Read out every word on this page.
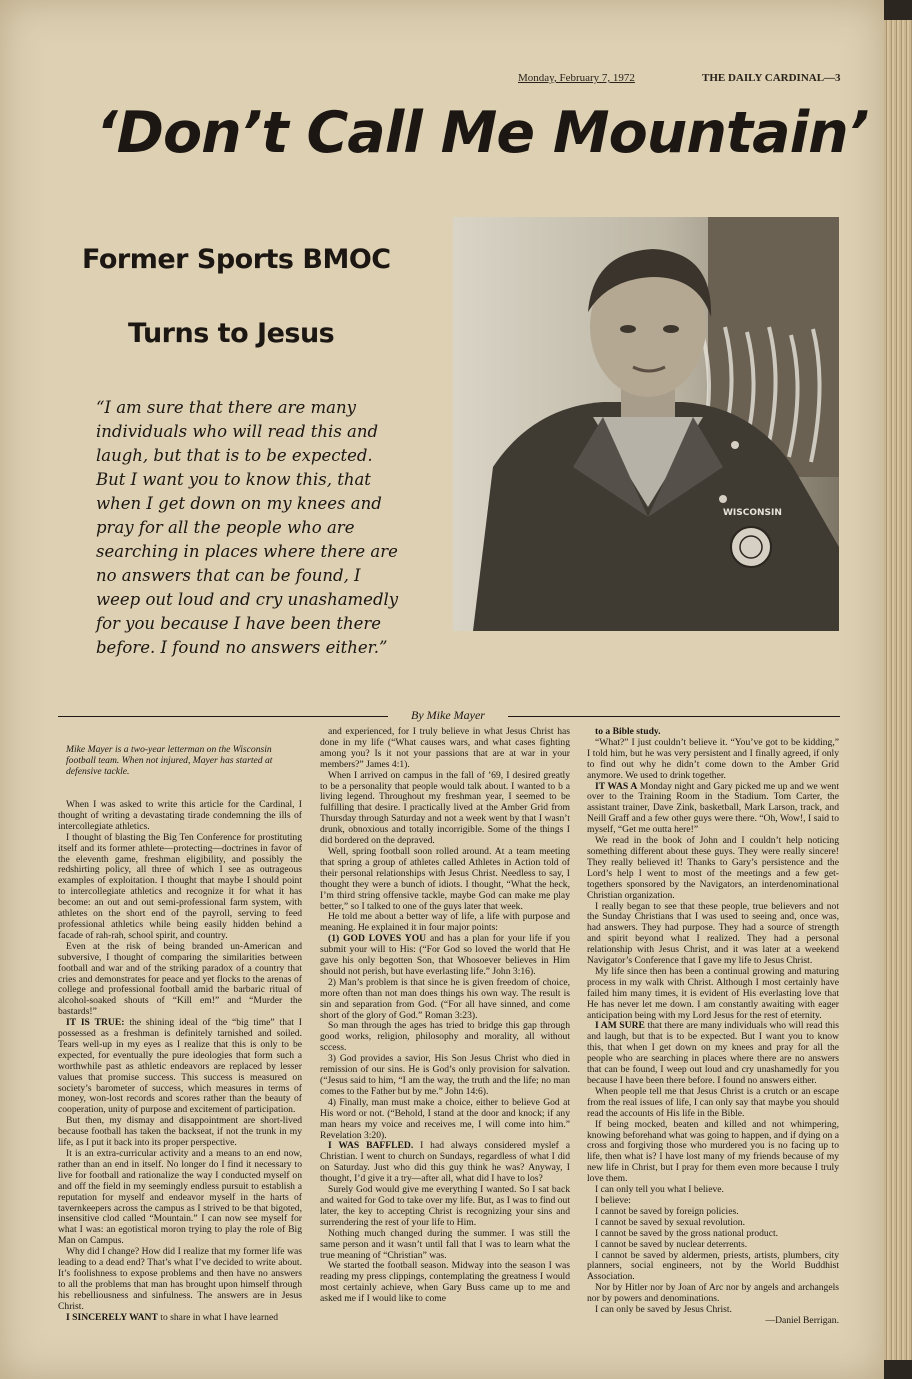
Monday, February 7, 1972	THE DAILY CARDINAL—3
‘Don’t Call Me Mountain’
Former Sports BMOC
Turns to Jesus

“I am sure that there are many individuals who will read this and laugh, but that is to be expected. But I want you to know this, that when I get down on my knees and pray for all the people who are searching in places where there are no answers that can be found, I weep out loud and cry unashamedly for you because I have been there before. I found no answers either.”

WISCONSIN
By Mike Mayer

Mike Mayer is a two-year letterman on the Wisconsin football team. When not injured, Mayer has started at defensive tackle.

When I was asked to write this article for the Cardinal, I thought of writing a devastating tirade condemning the ills of intercollegiate athletics.

I thought of blasting the Big Ten Conference for prostituting itself and its former athlete—protecting—doctrines in favor of the eleventh game, freshman eligibility, and possibly the redshirting policy, all three of which I see as outrageous examples of exploitation. I thought that maybe I should point to intercollegiate athletics and recognize it for what it has become: an out and out semi-professional farm system, with athletes on the short end of the payroll, serving to feed professional athletics while being easily hidden behind a facade of rah-rah, school spirit, and country.

Even at the risk of being branded un-American and subversive, I thought of comparing the similarities between football and war and of the striking paradox of a country that cries and demonstrates for peace and yet flocks to the arenas of college and professional football amid the barbaric ritual of alcohol-soaked shouts of “Kill em!” and “Murder the bastards!”

IT IS TRUE: the shining ideal of the “big time” that I possessed as a freshman is definitely tarnished and soiled. Tears well-up in my eyes as I realize that this is only to be expected, for eventually the pure ideologies that form such a worthwhile past as athletic endeavors are replaced by lesser values that promise success. This success is measured on society’s barometer of success, which measures in terms of money, won-lost records and scores rather than the beauty of cooperation, unity of purpose and excitement of participation.

But then, my dismay and disappointment are short-lived because football has taken the backseat, if not the trunk in my life, as I put it back into its proper perspective.

It is an extra-curricular activity and a means to an end now, rather than an end in itself. No longer do I find it necessary to live for football and rationalize the way I conducted myself on and off the field in my seemingly endless pursuit to establish a reputation for myself and endeavor myself in the harts of tavernkeepers across the campus as I strived to be that bigoted, insensitive clod called “Mountain.” I can now see myself for what I was: an egotistical moron trying to play the role of Big Man on Campus.

Why did I change? How did I realize that my former life was leading to a dead end? That’s what I’ve decided to write about. It’s foolishness to expose problems and then have no answers to all the problems that man has brought upon himself through his rebelliousness and sinfulness. The answers are in Jesus Christ.

I SINCERELY WANT to share in what I have learned

and experienced, for I truly believe in what Jesus Christ has done in my life (“What causes wars, and what cases fighting among you? Is it not your passions that are at war in your members?” James 4:1).

When I arrived on campus in the fall of ’69, I desired greatly to be a personality that people would talk about. I wanted to b a living legend. Throughout my freshman year, I seemed to be fulfilling that desire. I practically lived at the Amber Grid from Thursday through Saturday and not a week went by that I wasn’t drunk, obnoxious and totally incorrigible. Some of the things I did bordered on the depraved.

Well, spring football soon rolled around. At a team meeting that spring a group of athletes called Athletes in Action told of their personal relationships with Jesus Christ. Needless to say, I thought they were a bunch of idiots. I thought, “What the heck, I’m third string offensive tackle, maybe God can make me play better,” so I talked to one of the guys later that week.

He told me about a better way of life, a life with purpose and meaning. He explained it in four major points:

(1) GOD LOVES YOU and has a plan for your life if you submit your will to His: (“For God so loved the world that He gave his only begotten Son, that Whosoever believes in Him should not perish, but have everlasting life.” John 3:16).

2) Man’s problem is that since he is given freedom of choice, more often than not man does things his own way. The result is sin and separation from God. (“For all have sinned, and come short of the glory of God.” Roman 3:23).

So man through the ages has tried to bridge this gap through good works, religion, philosophy and morality, all without sccess.

3) God provides a savior, His Son Jesus Christ who died in remission of our sins. He is God’s only provision for salvation. (“Jesus said to him, “I am the way, the truth and the life; no man comes to the Father but by me.” John 14:6).

4) Finally, man must make a choice, either to believe God at His word or not. (“Behold, I stand at the door and knock; if any man hears my voice and receives me, I will come into him.” Revelation 3:20).

I WAS BAFFLED. I had always considered myslef a Christian. I went to church on Sundays, regardless of what I did on Saturday. Just who did this guy think he was? Anyway, I thought, I’d give it a try—after all, what did I have to los?

Surely God would give me everything I wanted. So I sat back and waited for God to take over my life. But, as I was to find out later, the key to accepting Christ is recognizing your sins and surrendering the rest of your life to Him.

Nothing much changed during the summer. I was still the same person and it wasn’t until fall that I was to learn what the true meaning of “Christian” was.

We started the football season. Midway into the season I was reading my press clippings, contemplating the greatness I would most certainly achieve, when Gary Buss came up to me and asked me if I would like to come

to a Bible study.

“What?” I just couldn’t believe it. “You’ve got to be kidding,” I told him, but he was very persistent and I finally agreed, if only to find out why he didn’t come down to the Amber Grid anymore. We used to drink together.

IT WAS A Monday night and Gary picked me up and we went over to the Training Room in the Stadium. Tom Carter, the assistant trainer, Dave Zink, basketball, Mark Larson, track, and Neill Graff and a few other guys were there. “Oh, Wow!, I said to myself, “Get me outta here!”

We read in the book of John and I couldn’t help noticing something different about these guys. They were really sincere! They really believed it! Thanks to Gary’s persistence and the Lord’s help I went to most of the meetings and a few get-togethers sponsored by the Navigators, an interdenominational Christian organization.

I really began to see that these people, true believers and not the Sunday Christians that I was used to seeing and, once was, had answers. They had purpose. They had a source of strength and spirit beyond what I realized. They had a personal relationship with Jesus Christ, and it was later at a weekend Navigator’s Conference that I gave my life to Jesus Christ.

My life since then has been a continual growing and maturing process in my walk with Christ. Although I most certainly have failed him many times, it is evident of His everlasting love that He has never let me down. I am constantly awaiting with eager anticipation being with my Lord Jesus for the rest of eternity.

I AM SURE that there are many individuals who will read this and laugh, but that is to be expected. But I want you to know this, that when I get down on my knees and pray for all the people who are searching in places where there are no answers that can be found, I weep out loud and cry unashamedly for you because I have been there before. I found no answers either.

When people tell me that Jesus Christ is a crutch or an escape from the real issues of life, I can only say that maybe you should read the accounts of His life in the Bible.

If being mocked, beaten and killed and not whimpering, knowing beforehand what was going to happen, and if dying on a cross and forgiving those who murdered you is no facing up to life, then what is? I have lost many of my friends because of my new life in Christ, but I pray for them even more because I truly love them.

I can only tell you what I believe.

I believe:

I cannot be saved by foreign policies.

I cannot be saved by sexual revolution.

I cannot be saved by the gross national product.

I cannot be saved by nuclear deterrents.

I cannot be saved by aldermen, priests, artists, plumbers, city planners, social engineers, not by the World Buddhist Association.

Nor by Hitler nor by Joan of Arc nor by angels and archangels nor by powers and denominations.

I can only be saved by Jesus Christ.

—Daniel Berrigan.
